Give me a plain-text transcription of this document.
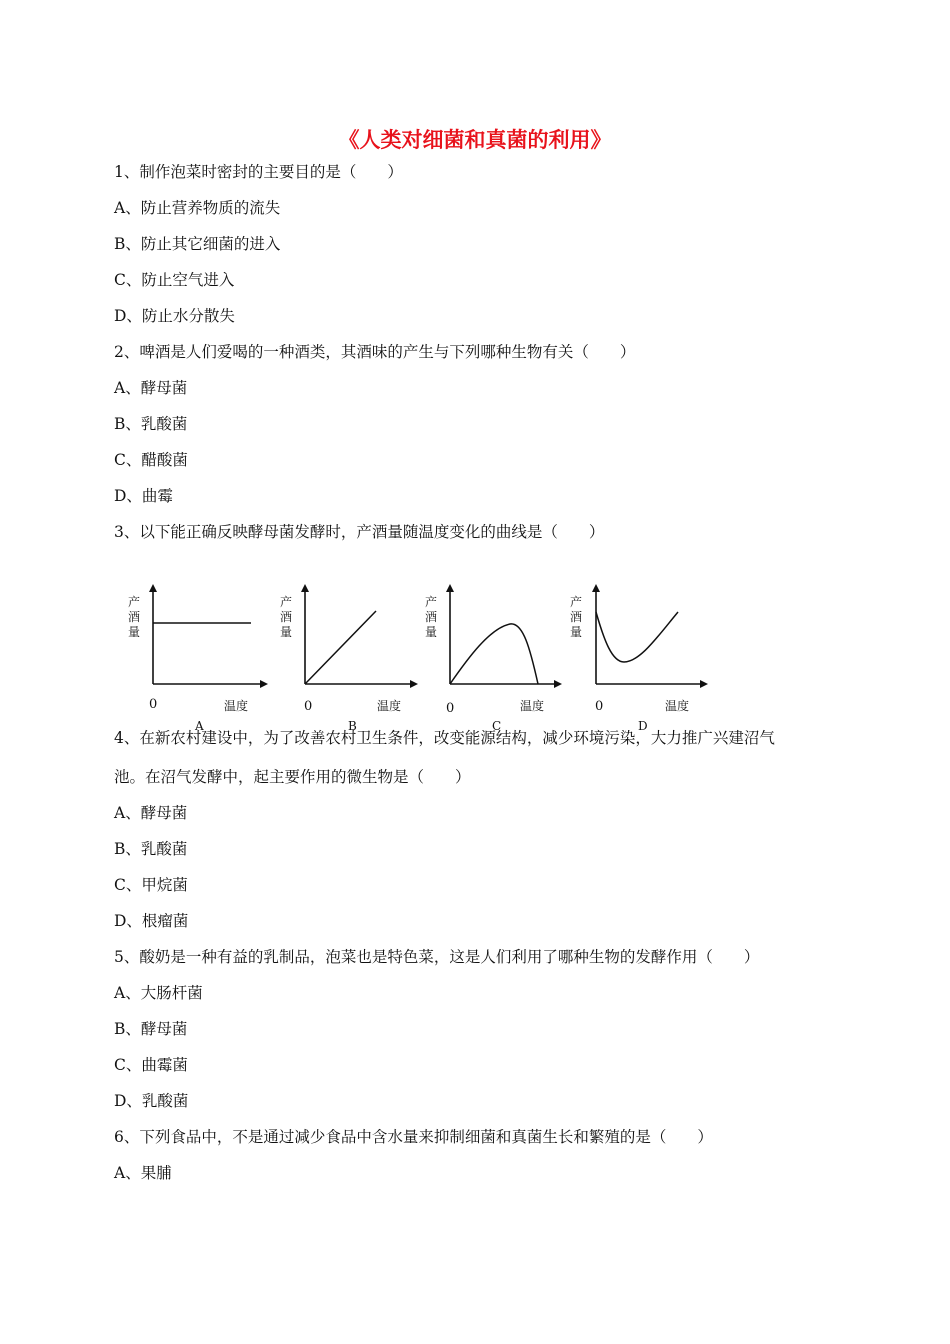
《人类对细菌和真菌的利用》
1、制作泡菜时密封的主要目的是（　　）
A、防止营养物质的流失
B、防止其它细菌的进入
C、防止空气进入
D、防止水分散失
2、啤酒是人们爱喝的一种酒类，其酒味的产生与下列哪种生物有关（　　）
A、酵母菌
B、乳酸菌
C、醋酸菌
D、曲霉
3、以下能正确反映酵母菌发酵时，产酒量随温度变化的曲线是（　　）
产
酒
量
0	温度
A
产
酒
量
0	温度
B
产
酒
量
0	温度
C
产
酒
量
0	温度
D
4、在新农村建设中，为了改善农村卫生条件，改变能源结构，减少环境污染，大力推广兴建沼气
池。在沼气发酵中，起主要作用的微生物是（　　）
A、酵母菌
B、乳酸菌
C、甲烷菌
D、根瘤菌
5、酸奶是一种有益的乳制品，泡菜也是特色菜，这是人们利用了哪种生物的发酵作用（　　）
A、大肠杆菌
B、酵母菌
C、曲霉菌
D、乳酸菌
6、下列食品中，不是通过减少食品中含水量来抑制细菌和真菌生长和繁殖的是（　　）
A、果脯
